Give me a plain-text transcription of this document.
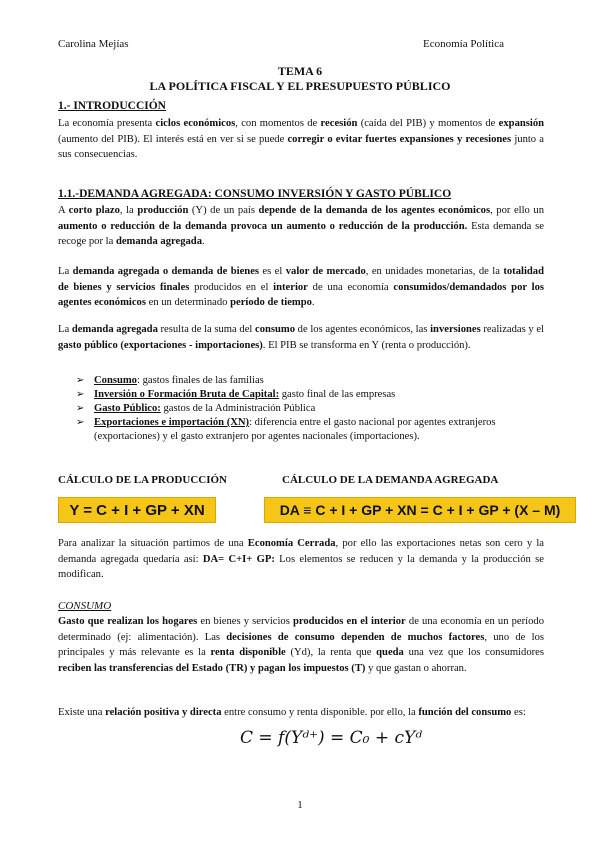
Carolina Mejías	Economía Política
TEMA 6
LA POLÍTICA FISCAL Y EL PRESUPUESTO PÚBLICO
1.- INTRODUCCIÓN
La economía presenta ciclos económicos, con momentos de recesión (caída del PIB) y momentos de expansión (aumento del PIB). El interés está en ver si se puede corregir o evitar fuertes expansiones y recesiones junto a sus consecuencias.
1.1.-DEMANDA AGREGADA: CONSUMO INVERSIÓN Y GASTO PÚBLICO
A corto plazo, la producción (Y) de un país depende de la demanda de los agentes económicos, por ello un aumento o reducción de la demanda provoca un aumento o reducción de la producción. Esta demanda se recoge por la demanda agregada.
La demanda agregada o demanda de bienes es el valor de mercado, en unidades monetarias, de la totalidad de bienes y servicios finales producidos en el interior de una economía consumidos/demandados por los agentes económicos en un determinado período de tiempo.
La demanda agregada resulta de la suma del consumo de los agentes económicos, las inversiones realizadas y el gasto público (exportaciones - importaciones). El PIB se transforma en Y (renta o producción).
➢ Consumo: gastos finales de las familias
➢ Inversión o Formación Bruta de Capital: gasto final de las empresas
➢ Gasto Público: gastos de la Administración Pública
➢ Exportaciones e importación (XN): diferencia entre el gasto nacional por agentes extranjeros (exportaciones) y el gasto extranjero por agentes nacionales (importaciones).
CÁLCULO DE LA PRODUCCIÓN	CÁLCULO DE LA DEMANDA AGREGADA
Y = C + I + GP + XN	DA ≡ C + I + GP + XN = C + I + GP + (X – M)
Para analizar la situación partimos de una Economía Cerrada, por ello las exportaciones netas son cero y la demanda agregada quedaría así: DA= C+I+ GP: Los elementos se reducen y la demanda y la producción se modifican.
CONSUMO
Gasto que realizan los hogares en bienes y servicios producidos en el interior de una economía en un período determinado (ej: alimentación). Las decisiones de consumo dependen de muchos factores, uno de los principales y más relevante es la renta disponible (Yd), la renta que queda una vez que los consumidores reciben las transferencias del Estado (TR) y pagan los impuestos (T) y que gastan o ahorran.
Existe una relación positiva y directa entre consumo y renta disponible. por ello, la función del consumo es:
C = f(Yᵈ⁺) = C₀ + cYᵈ
1
